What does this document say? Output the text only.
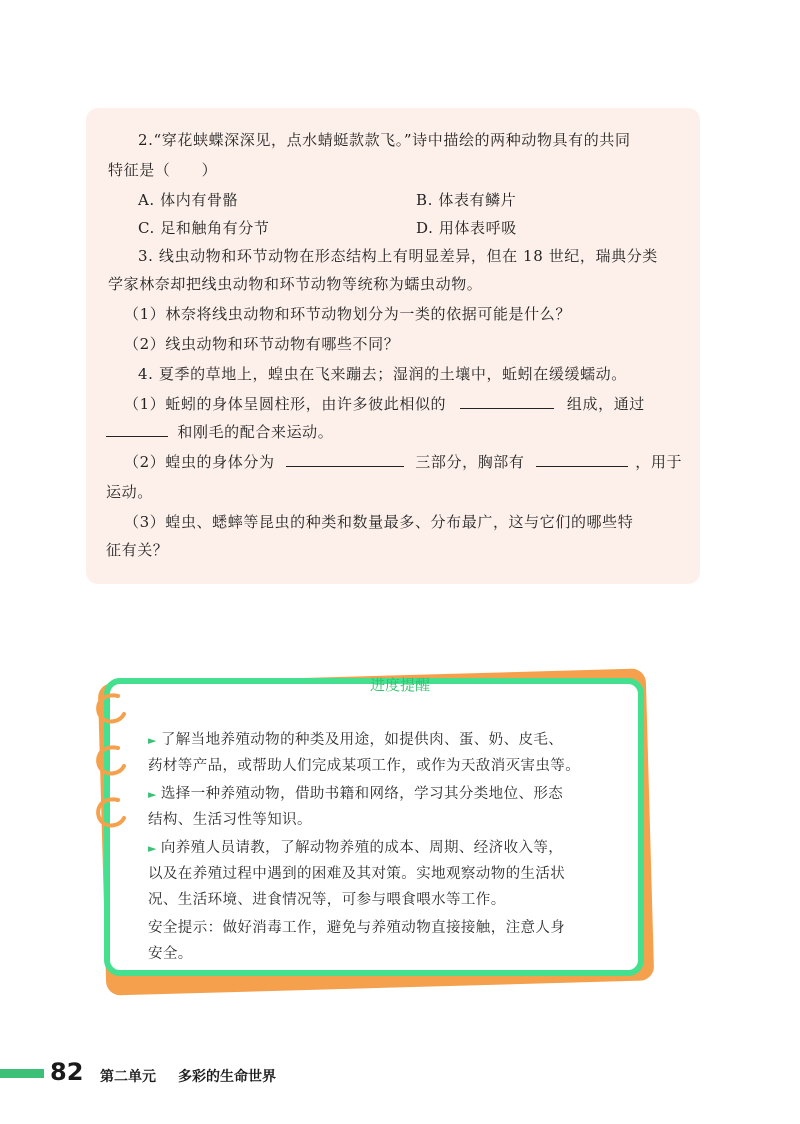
2.“穿花蛱蝶深深见，点水蜻蜓款款飞。”诗中描绘的两种动物具有的共同

特征是（　　）

A. 体内有骨骼	B. 体表有鳞片

C. 足和触角有分节	D. 用体表呼吸

3. 线虫动物和环节动物在形态结构上有明显差异，但在 18 世纪，瑞典分类

学家林奈却把线虫动物和环节动物等统称为蠕虫动物。

（1）林奈将线虫动物和环节动物划分为一类的依据可能是什么？

（2）线虫动物和环节动物有哪些不同？

4. 夏季的草地上，蝗虫在飞来蹦去；湿润的土壤中，蚯蚓在缓缓蠕动。

（1）蚯蚓的身体呈圆柱形，由许多彼此相似的	组成，通过

和刚毛的配合来运动。

（2）蝗虫的身体分为	三部分，胸部有	，用于

运动。

（3）蝗虫、蟋蟀等昆虫的种类和数量最多、分布最广，这与它们的哪些特

征有关？

进度提醒
► 了解当地养殖动物的种类及用途，如提供肉、蛋、奶、皮毛、
药材等产品，或帮助人们完成某项工作，或作为天敌消灭害虫等。
► 选择一种养殖动物，借助书籍和网络，学习其分类地位、形态
结构、生活习性等知识。
► 向养殖人员请教，了解动物养殖的成本、周期、经济收入等，
以及在养殖过程中遇到的困难及其对策。实地观察动物的生活状
况、生活环境、进食情况等，可参与喂食喂水等工作。
安全提示：做好消毒工作，避免与养殖动物直接接触，注意人身
安全。
82 第二单元 多彩的生命世界
